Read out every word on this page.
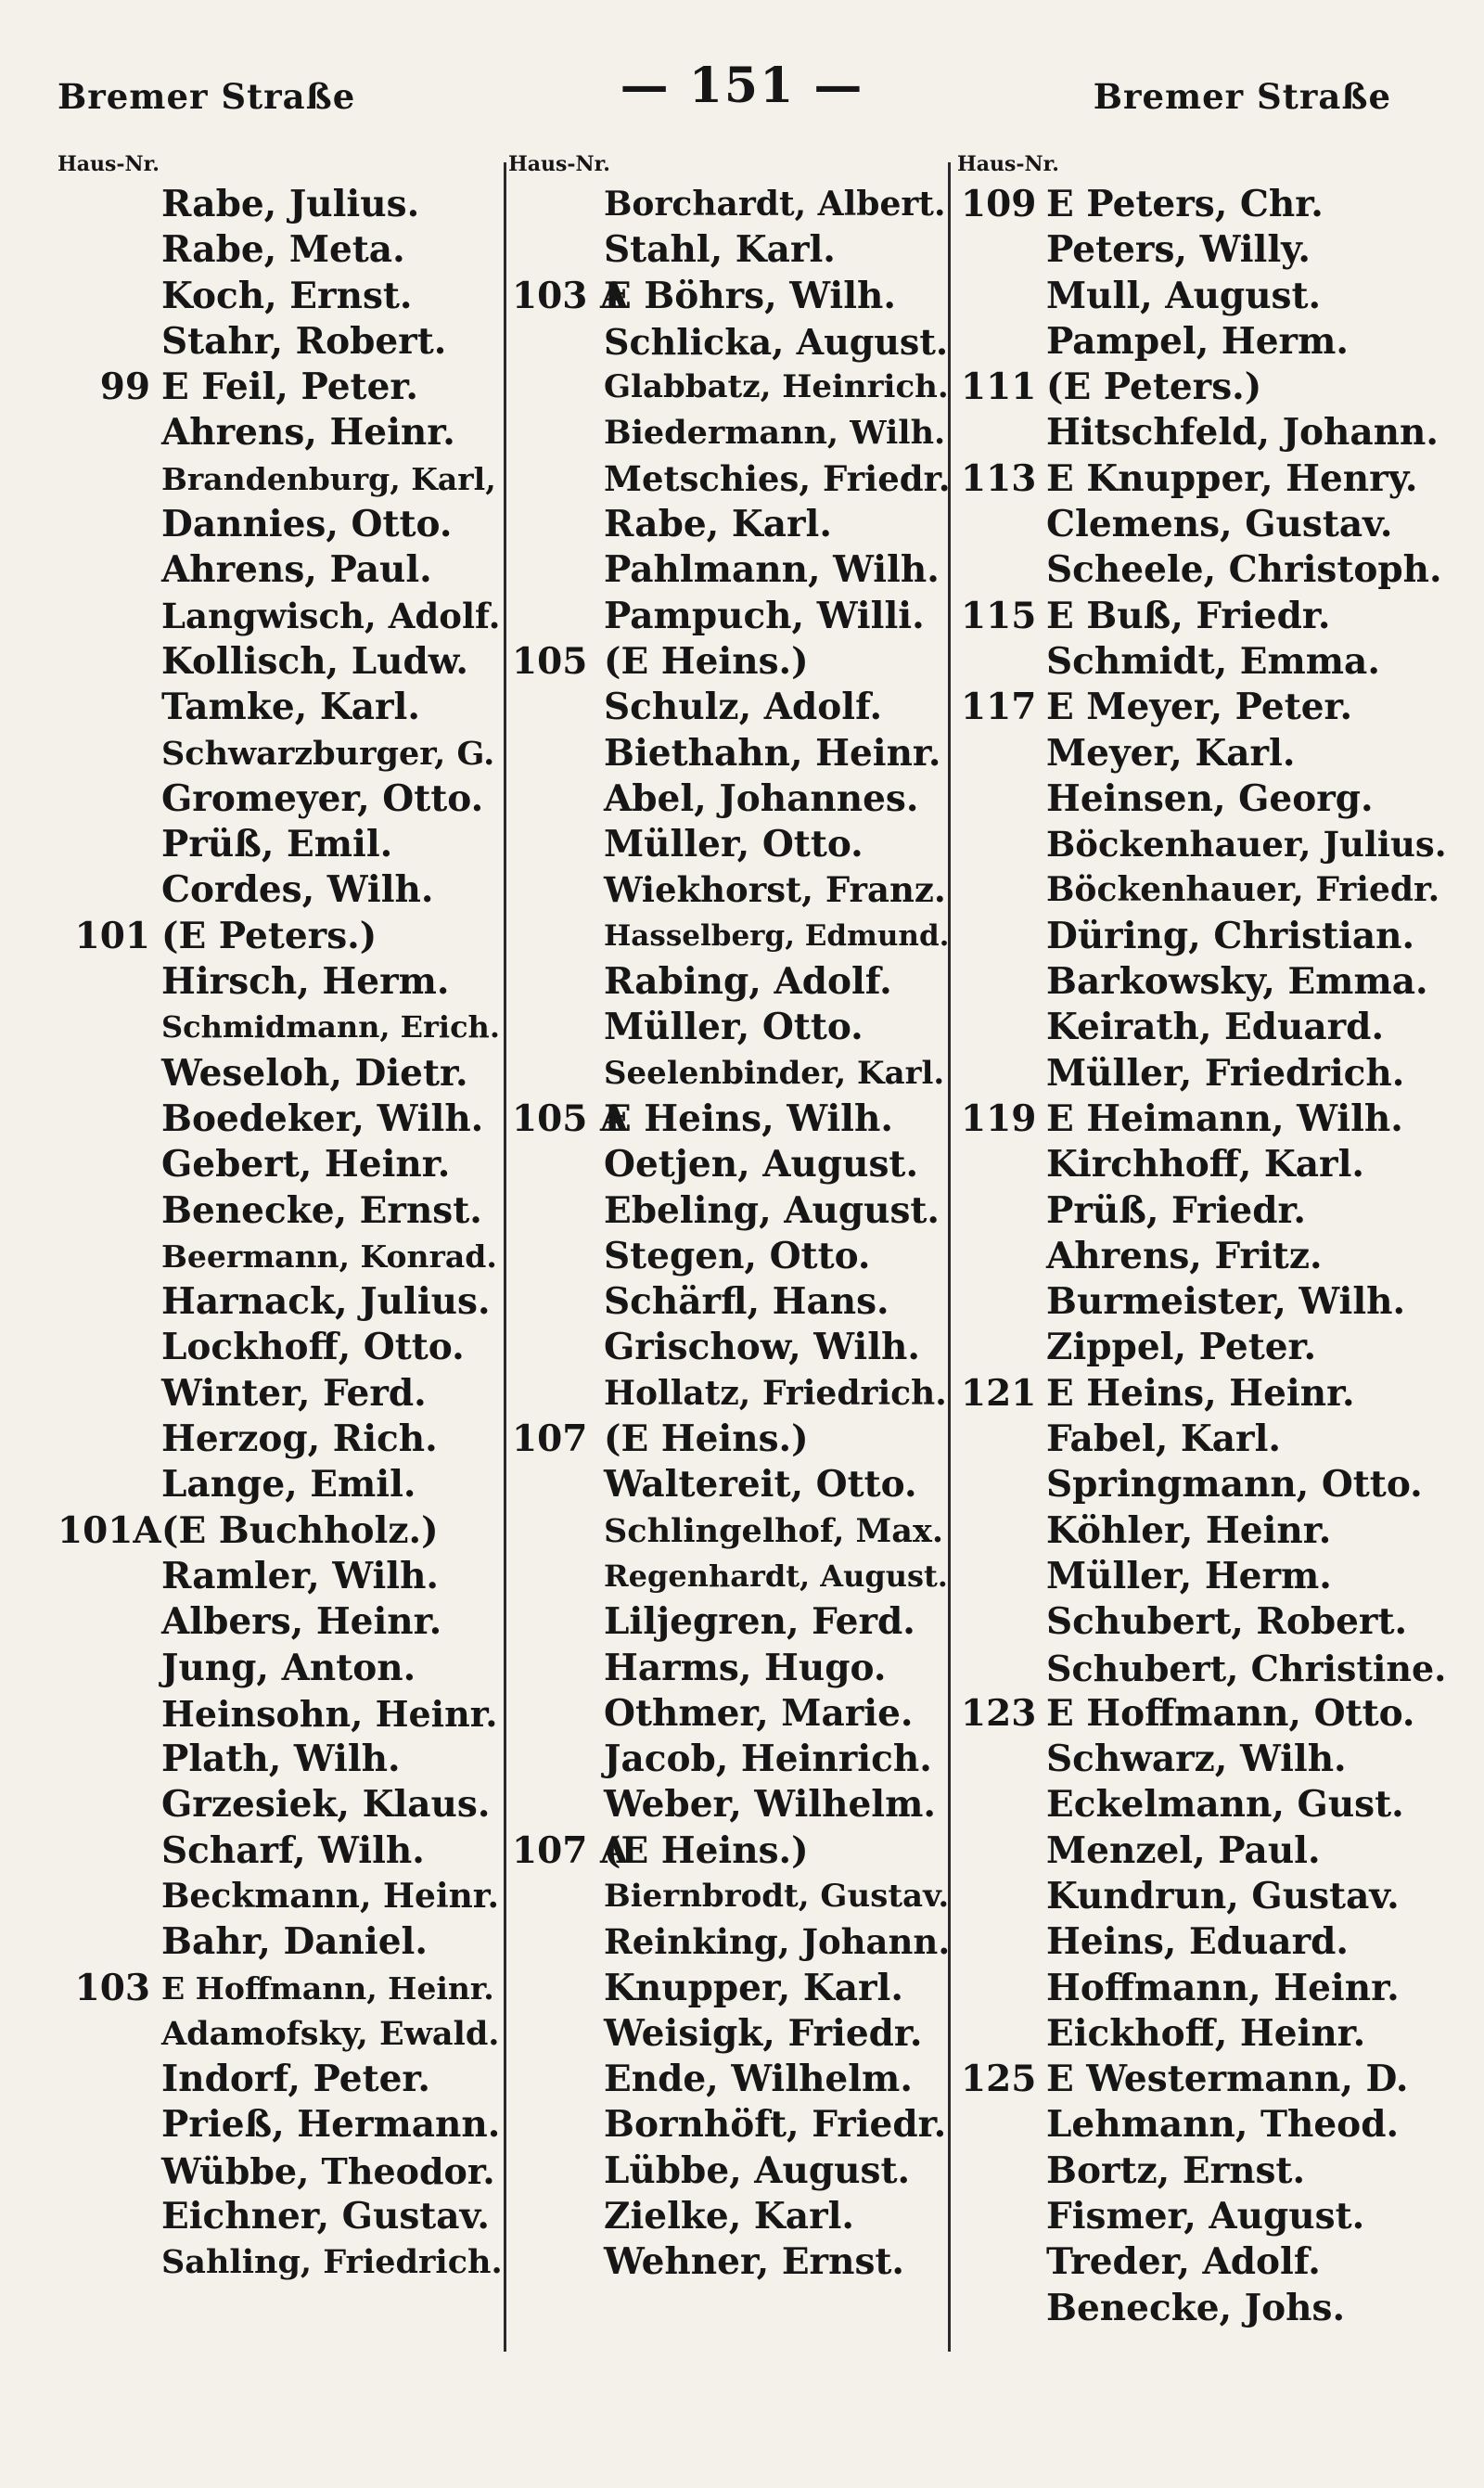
Bremer Straße	— 151 —	Bremer Straße
Haus-Nr.
Rabe, Julius.
Rabe, Meta.
Koch, Ernst.
Stahr, Robert.
99 E Feil, Peter.
Ahrens, Heinr.
Brandenburg, Karl,
Dannies, Otto.
Ahrens, Paul.
Langwisch, Adolf.
Kollisch, Ludw.
Tamke, Karl.
Schwarzburger, G.
Gromeyer, Otto.
Prüß, Emil.
Cordes, Wilh.
101 (E Peters.)
Hirsch, Herm.
Schmidmann, Erich.
Weseloh, Dietr.
Boedeker, Wilh.
Gebert, Heinr.
Benecke, Ernst.
Beermann, Konrad.
Harnack, Julius.
Lockhoff, Otto.
Winter, Ferd.
Herzog, Rich.
Lange, Emil.
101A (E Buchholz.)
Ramler, Wilh.
Albers, Heinr.
Jung, Anton.
Heinsohn, Heinr.
Plath, Wilh.
Grzesiek, Klaus.
Scharf, Wilh.
Beckmann, Heinr.
Bahr, Daniel.
103 E Hoffmann, Heinr.
Adamofsky, Ewald.
Indorf, Peter.
Prieß, Hermann.
Wübbe, Theodor.
Eichner, Gustav.
Sahling, Friedrich.
Haus-Nr.
Borchardt, Albert.
Stahl, Karl.
103 A
E Böhrs, Wilh.
Schlicka, August.
Glabbatz, Heinrich.
Biedermann, Wilh.
Metschies, Friedr.
Rabe, Karl.
Pahlmann, Wilh.
Pampuch, Willi.
105 (E Heins.)
Schulz, Adolf.
Biethahn, Heinr.
Abel, Johannes.
Müller, Otto.
Wiekhorst, Franz.
Hasselberg, Edmund.
Rabing, Adolf.
Müller, Otto.
Seelenbinder, Karl.
105 A
E Heins, Wilh.
Oetjen, August.
Ebeling, August.
Stegen, Otto.
Schärfl, Hans.
Grischow, Wilh.
Hollatz, Friedrich.
107 (E Heins.)
Waltereit, Otto.
Schlingelhof, Max.
Regenhardt, August.
Liljegren, Ferd.
Harms, Hugo.
Othmer, Marie.
Jacob, Heinrich.
Weber, Wilhelm.
107 A
(E Heins.)
Biernbrodt, Gustav.
Reinking, Johann.
Knupper, Karl.
Weisigk, Friedr.
Ende, Wilhelm.
Bornhöft, Friedr.
Lübbe, August.
Zielke, Karl.
Wehner, Ernst.
Haus-Nr.
109 E Peters, Chr.
Peters, Willy.
Mull, August.
Pampel, Herm.
111 (E Peters.)
Hitschfeld, Johann.
113 E Knupper, Henry.
Clemens, Gustav.
Scheele, Christoph.
115 E Buß, Friedr.
Schmidt, Emma.
117 E Meyer, Peter.
Meyer, Karl.
Heinsen, Georg.
Böckenhauer, Julius.
Böckenhauer, Friedr.
Düring, Christian.
Barkowsky, Emma.
Keirath, Eduard.
Müller, Friedrich.
119 E Heimann, Wilh.
Kirchhoff, Karl.
Prüß, Friedr.
Ahrens, Fritz.
Burmeister, Wilh.
Zippel, Peter.
121 E Heins, Heinr.
Fabel, Karl.
Springmann, Otto.
Köhler, Heinr.
Müller, Herm.
Schubert, Robert.
Schubert, Christine.
123 E Hoffmann, Otto.
Schwarz, Wilh.
Eckelmann, Gust.
Menzel, Paul.
Kundrun, Gustav.
Heins, Eduard.
Hoffmann, Heinr.
Eickhoff, Heinr.
125 E Westermann, D.
Lehmann, Theod.
Bortz, Ernst.
Fismer, August.
Treder, Adolf.
Benecke, Johs.
